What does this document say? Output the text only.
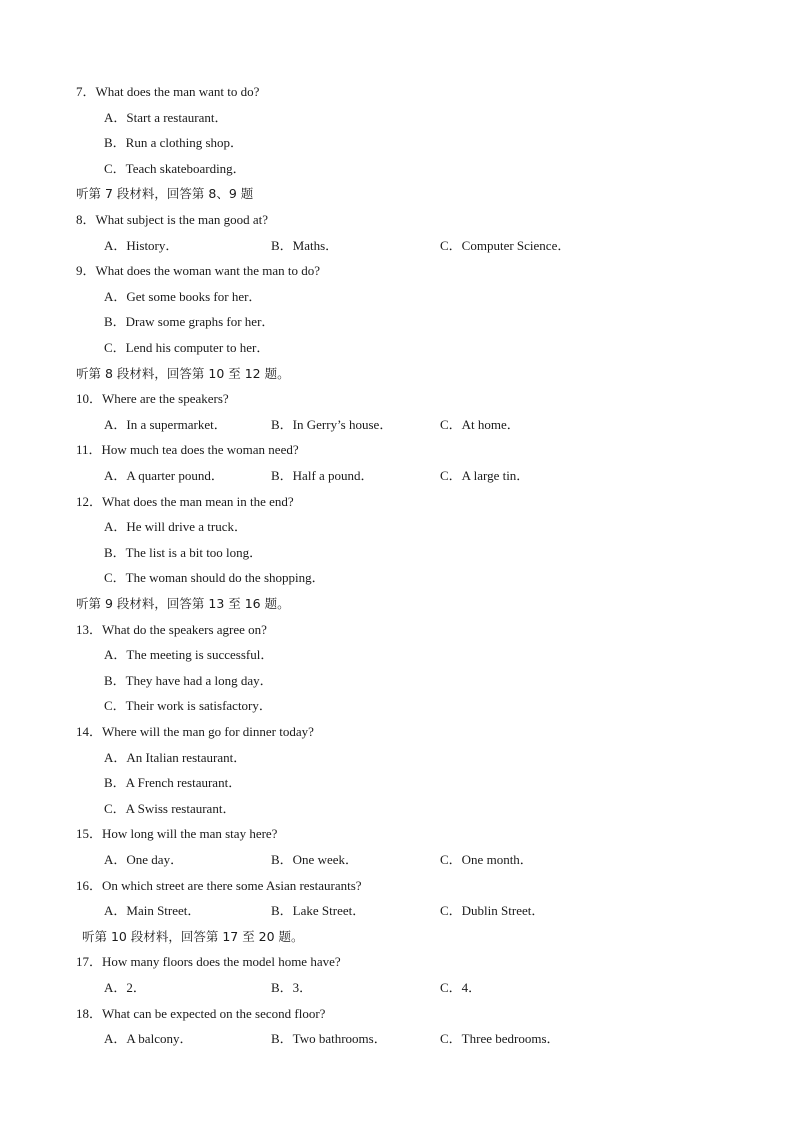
7．What does the man want to do?
A．Start a restaurant．
B．Run a clothing shop．
C．Teach skateboarding．
听第 7 段材料，回答第 8、9 题
8．What subject is the man good at?
A．History．	B．Maths．	C．Computer Science．
9．What does the woman want the man to do?
A．Get some books for her．
B．Draw some graphs for her．
C．Lend his computer to her．
听第 8 段材料，回答第 10 至 12 题。
10．Where are the speakers?
A．In a supermarket．	B．In Gerry’s house．	C．At home．
11．How much tea does the woman need?
A．A quarter pound．	B．Half a pound．	C．A large tin．
12．What does the man mean in the end?
A．He will drive a truck．
B．The list is a bit too long．
C．The woman should do the shopping．
听第 9 段材料，回答第 13 至 16 题。
13．What do the speakers agree on?
A．The meeting is successful．
B．They have had a long day．
C．Their work is satisfactory．
14．Where will the man go for dinner today?
A．An Italian restaurant．
B．A French restaurant．
C．A Swiss restaurant．
15．How long will the man stay here?
A．One day．	B．One week．	C．One month．
16．On which street are there some Asian restaurants?
A．Main Street．	B．Lake Street．	C．Dublin Street．
听第 10 段材料，回答第 17 至 20 题。
17．How many floors does the model home have?
A．2．	B．3．	C．4．
18．What can be expected on the second floor?
A．A balcony．	B．Two bathrooms．	C．Three bedrooms．
